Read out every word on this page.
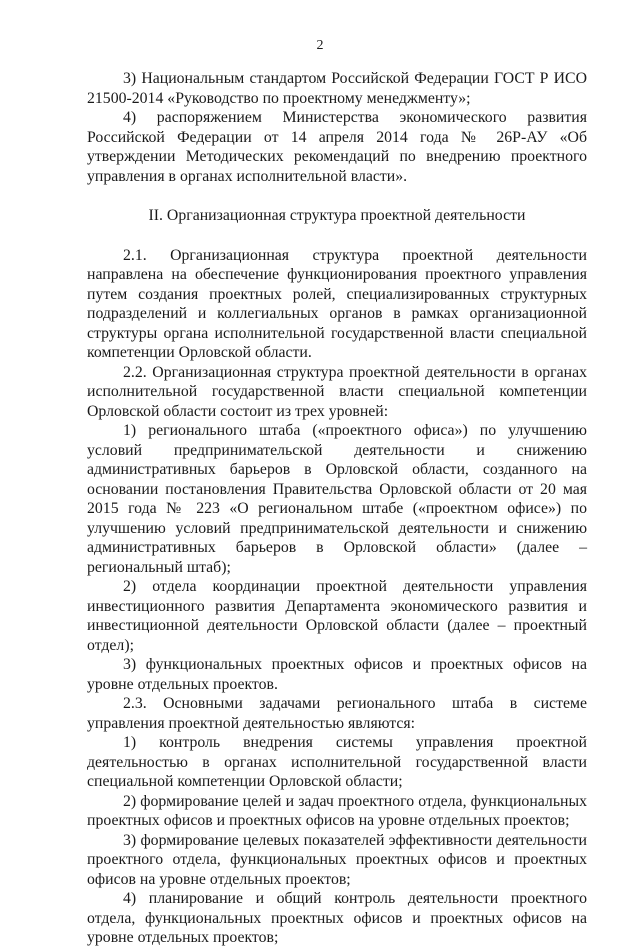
2

3) Национальным стандартом Российской Федерации ГОСТ Р ИСО 21500-2014 «Руководство по проектному менеджменту»;

4) распоряжением Министерства экономического развития Российской Федерации от 14 апреля 2014 года № 26Р-АУ «Об утверждении Методических рекомендаций по внедрению проектного управления в органах исполнительной власти».

II. Организационная структура проектной деятельности

2.1. Организационная структура проектной деятельности направлена на обеспечение функционирования проектного управления путем создания проектных ролей, специализированных структурных подразделений и коллегиальных органов в рамках организационной структуры органа исполнительной государственной власти специальной компетенции Орловской области.

2.2. Организационная структура проектной деятельности в органах исполнительной государственной власти специальной компетенции Орловской области состоит из трех уровней:

1) регионального штаба («проектного офиса») по улучшению условий предпринимательской деятельности и снижению административных барьеров в Орловской области, созданного на основании постановления Правительства Орловской области от 20 мая 2015 года № 223 «О региональном штабе («проектном офисе») по улучшению условий предпринимательской деятельности и снижению административных барьеров в Орловской области» (далее – региональный штаб);

2) отдела координации проектной деятельности управления инвестиционного развития Департамента экономического развития и инвестиционной деятельности Орловской области (далее – проектный отдел);

3) функциональных проектных офисов и проектных офисов на уровне отдельных проектов.

2.3. Основными задачами регионального штаба в системе управления проектной деятельностью являются:

1) контроль внедрения системы управления проектной деятельностью в органах исполнительной государственной власти специальной компетенции Орловской области;

2) формирование целей и задач проектного отдела, функциональных проектных офисов и проектных офисов на уровне отдельных проектов;

3) формирование целевых показателей эффективности деятельности проектного отдела, функциональных проектных офисов и проектных офисов на уровне отдельных проектов;

4) планирование и общий контроль деятельности проектного отдела, функциональных проектных офисов и проектных офисов на уровне отдельных проектов;
